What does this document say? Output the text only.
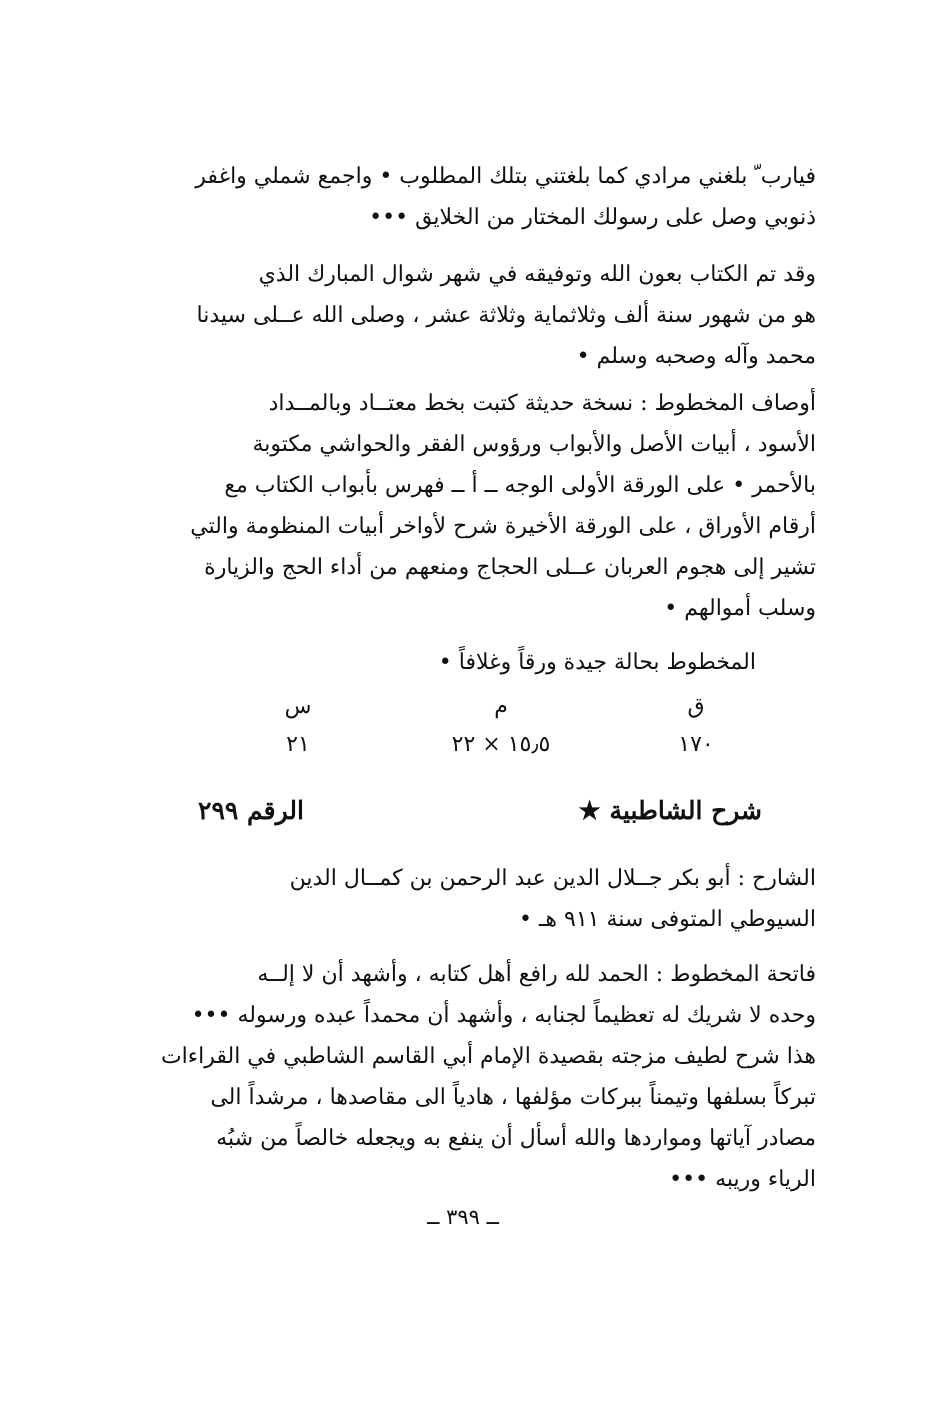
فيارب ّ بلغني مرادي كما بلغتني بتلك المطلوب • واجمع شملي واغفر
ذنوبي وصل على رسولك المختار من الخلايق •••
وقد تم الكتاب بعون الله وتوفيقه في شهر شوال المبارك الذي
هو من شهور سنة ألف وثلاثماية وثلاثة عشر ، وصلى الله عــلى سيدنا
محمد وآله وصحبه وسلم •
أوصاف المخطوط : نسخة حديثة كتبت بخط معتــاد وبالمــداد
الأسود ، أبيات الأصل والأبواب ورؤوس الفقر والحواشي مكتوبة
بالأحمر • على الورقة الأولى الوجه ــ أ ــ فهرس بأبواب الكتاب مع
أرقام الأوراق ، على الورقة الأخيرة شرح لأواخر أبيات المنظومة والتي
تشير إلى هجوم العربان عــلى الحجاج ومنعهم من أداء الحج والزيارة
وسلب أموالهم •
المخطوط بحالة جيدة ورقاً وغلافاً •
ق
م
س
١٧٠
١٥٫٥ × ٢٢
٢١
شرح الشاطبية ★
الرقم ٢٩٩
الشارح : أبو بكر جــلال الدين عبد الرحمن بن كمــال الدين
السيوطي المتوفى سنة ٩١١ هـ •
فاتحة المخطوط : الحمد لله رافع أهل كتابه ، وأشهد أن لا إلــه
وحده لا شريك له تعظيماً لجنابه ، وأشهد أن محمداً عبده ورسوله •••
هذا شرح لطيف مزجته بقصيدة الإمام أبي القاسم الشاطبي في القراءات
تبركاً بسلفها وتيمناً ببركات مؤلفها ، هادياً الى مقاصدها ، مرشداً الى
مصادر آياتها ومواردها والله أسأل أن ينفع به ويجعله خالصاً من شبُه
الرياء وريبه •••
ــ ٣٩٩ ــ
